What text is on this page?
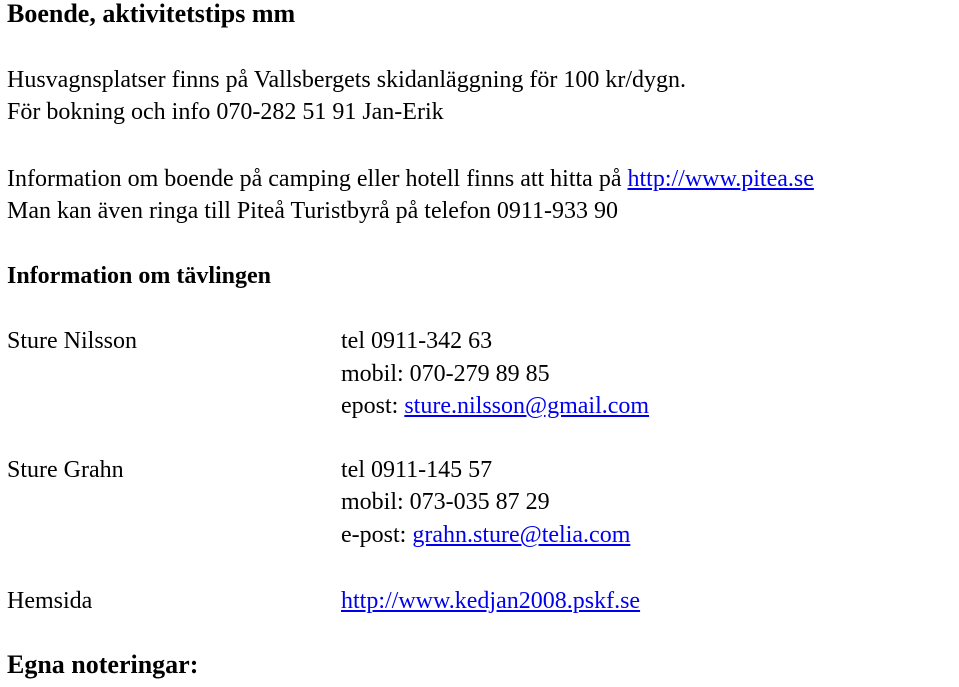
Boende, aktivitetstips mm
Husvagnsplatser finns på Vallsbergets skidanläggning för 100 kr/dygn.
För bokning och info 070-282 51 91 Jan-Erik
Information om boende på camping eller hotell finns att hitta på http://www.pitea.se
Man kan även ringa till Piteå Turistbyrå på telefon 0911-933 90
Information om tävlingen
Sture Nilsson	tel 0911-342 63
mobil: 070-279 89 85
epost: sture.nilsson@gmail.com
Sture Grahn	tel 0911-145 57
mobil: 073-035 87 29
e-post: grahn.sture@telia.com
Hemsida	http://www.kedjan2008.pskf.se
Egna noteringar:
